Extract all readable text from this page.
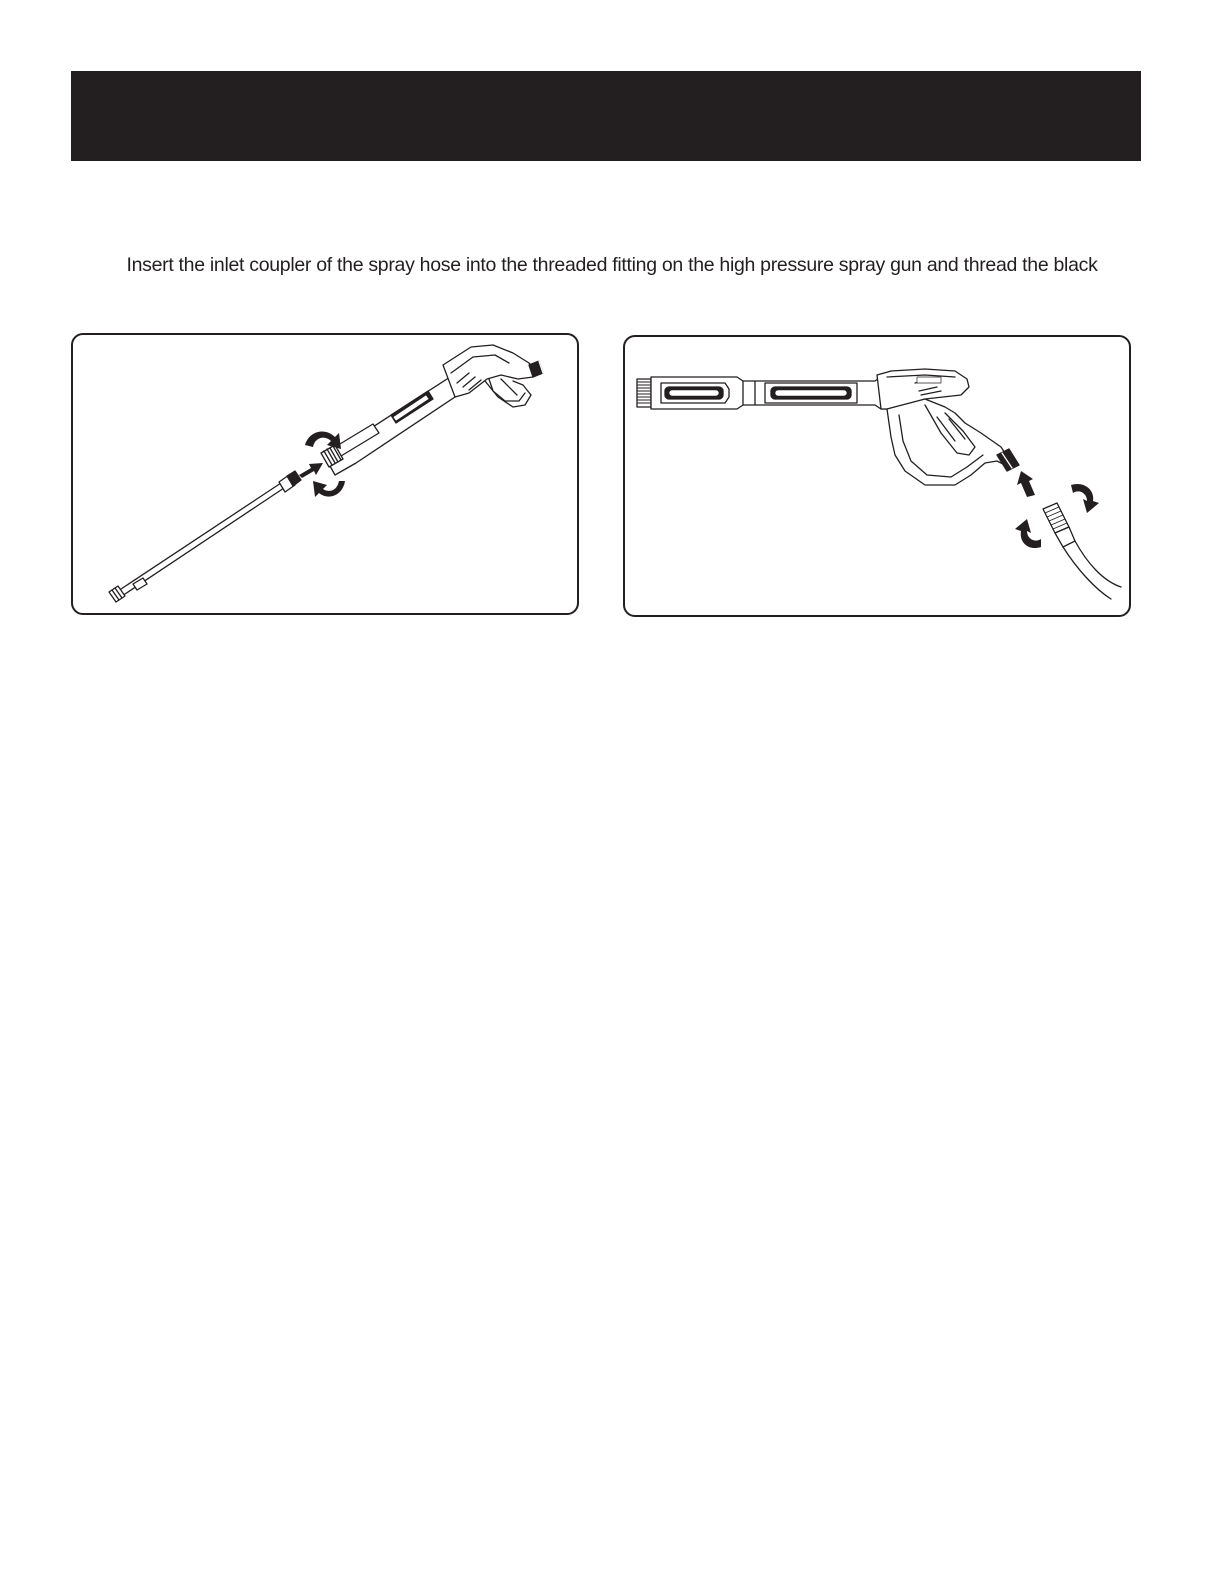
Insert the inlet coupler of the spray hose into the threaded fitting on the high pressure spray gun and thread the black
